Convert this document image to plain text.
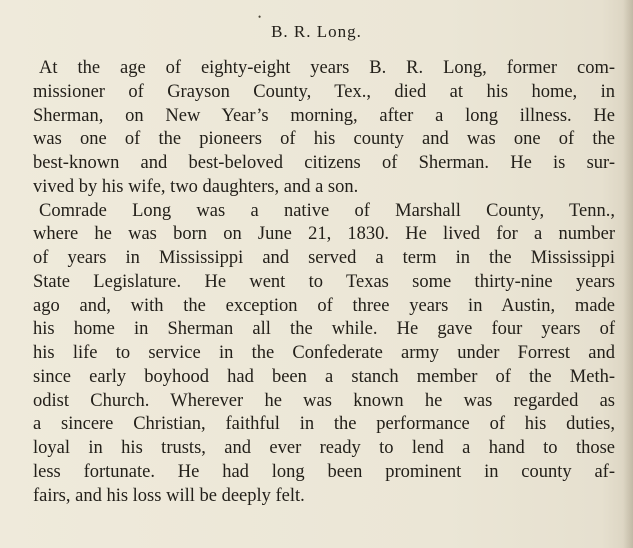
•
B. R. Long.
At the age of eighty-eight years B. R. Long, former com-
missioner of Grayson County, Tex., died at his home, in
Sherman, on New Year’s morning, after a long illness. He
was one of the pioneers of his county and was one of the
best-known and best-beloved citizens of Sherman. He is sur-
vived by his wife, two daughters, and a son.
Comrade Long was a native of Marshall County, Tenn.,
where he was born on June 21, 1830. He lived for a number
of years in Mississippi and served a term in the Mississippi
State Legislature. He went to Texas some thirty-nine years
ago and, with the exception of three years in Austin, made
his home in Sherman all the while. He gave four years of
his life to service in the Confederate army under Forrest and
since early boyhood had been a stanch member of the Meth-
odist Church. Wherever he was known he was regarded as
a sincere Christian, faithful in the performance of his duties,
loyal in his trusts, and ever ready to lend a hand to those
less fortunate. He had long been prominent in county af-
fairs, and his loss will be deeply felt.
